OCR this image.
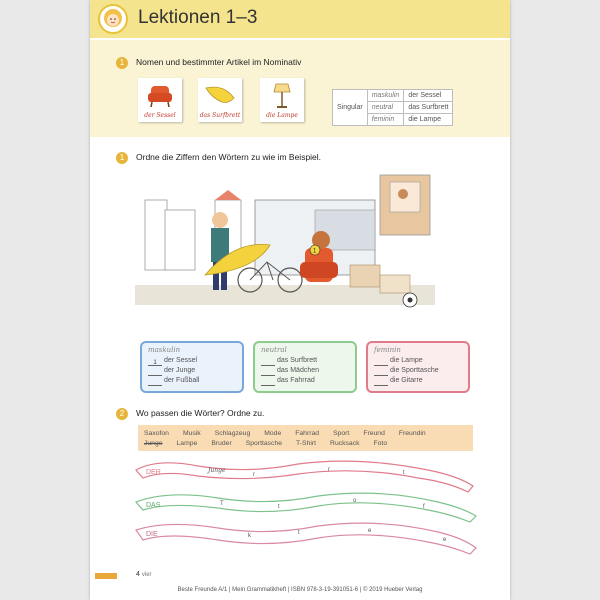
Lektionen 1–3
1	Nomen und bestimmter Artikel im Nominativ
der Sessel	das Surfbrett	die Lampe
Singular	maskulin	der Sessel
	neutral	das Surfbrett
	feminin	die Lampe
1	Ordne die Ziffern den Wörtern zu wie im Beispiel.
1
maskulin
1 der Sessel
der Junge
der Fußball
neutral
das Surfbrett
das Mädchen
das Fahrrad
feminin
die Lampe
die Sporttasche
die Gitarre
2	Wo passen die Wörter? Ordne zu.
Saxofon Musik Schlagzeug Mode Fahrrad Sport Freund Freundin
Junge Lampe Bruder Sporttasche T-Shirt Rucksack Foto
DER	Junge
r
r	t
DAS	T	t
o
f
DIE	k	t	e
e
4 vier
Beste Freunde A/1 | Mein Grammatikheft | ISBN 978-3-19-391051-6 | © 2019 Hueber Verlag
